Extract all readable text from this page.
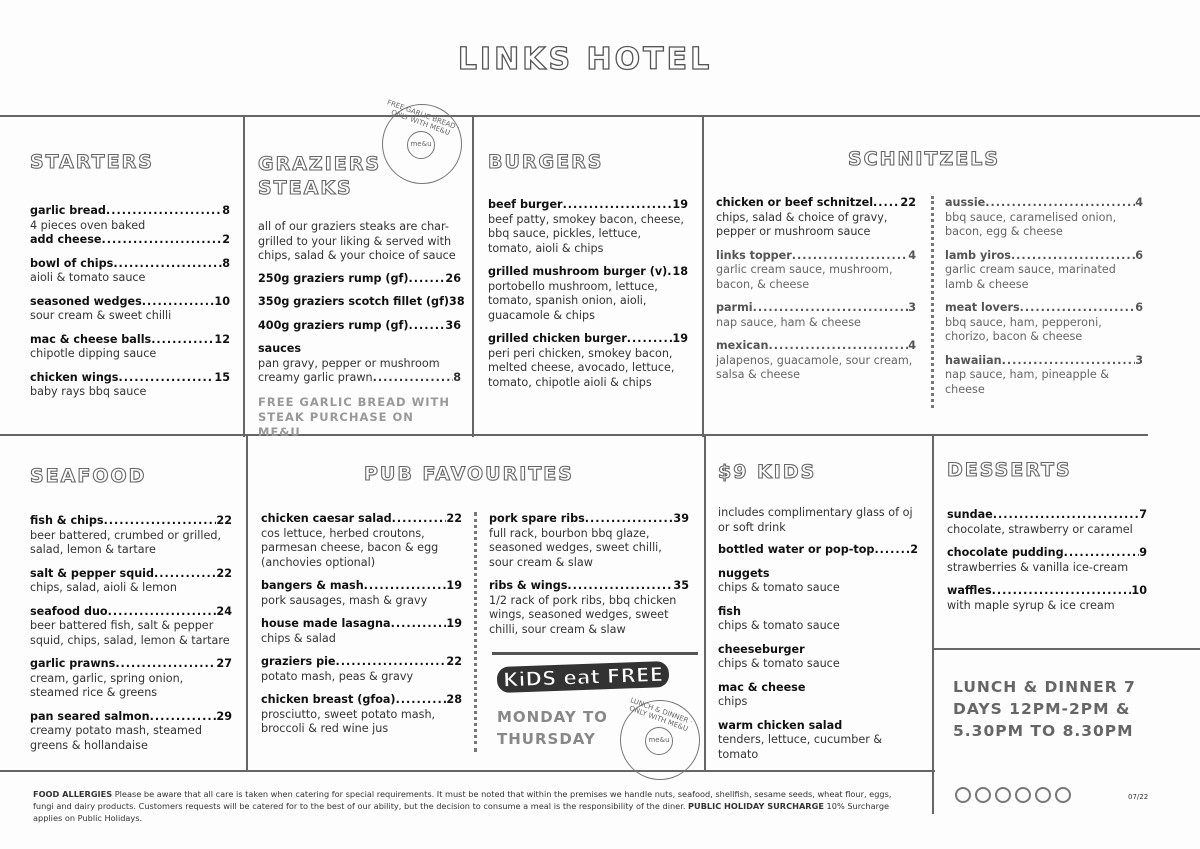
LINKS HOTEL
STARTERS
garlic bread .....	8
4 pieces oven baked
add cheese .....	2
bowl of chips .....	8
aioli & tomato sauce
seasoned wedges .....	10
sour cream & sweet chilli
mac & cheese balls .....	12
chipotle dipping sauce
chicken wings .....	15
baby rays bbq sauce
GRAZIERS
STEAKS
all of our graziers steaks are char-grilled to your liking & served with chips, salad & your choice of sauce
250g graziers rump (gf) .....	26
350g graziers scotch fillet (gf) 38
400g graziers rump (gf) .....	36
sauces
pan gravy, pepper or mushroom
creamy garlic prawn .....	8
FREE GARLIC BREAD WITH STEAK PURCHASE ON ME&U
FREE GARLIC BREAD · ONLY WITH ME&U
me&u
BURGERS
beef burger .....	19
beef patty, smokey bacon, cheese, bbq sauce, pickles, lettuce, tomato, aioli & chips
grilled mushroom burger (v) ..... 18
portobello mushroom, lettuce, tomato, spanish onion, aioli, guacamole & chips
grilled chicken burger .....	19
peri peri chicken, smokey bacon, melted cheese, avocado, lettuce, tomato, chipotle aioli & chips
SCHNITZELS
chicken or beef schnitzel ..... 22
chips, salad & choice of gravy, pepper or mushroom sauce
links topper .....	4
garlic cream sauce, mushroom, bacon, & cheese
parmi .....	3
nap sauce, ham & cheese
mexican .....	4
jalapenos, guacamole, sour cream, salsa & cheese
aussie .....	4
bbq sauce, caramelised onion, bacon, egg & cheese
lamb yiros .....	6
garlic cream sauce, marinated lamb & cheese
meat lovers .....	6
bbq sauce, ham, pepperoni, chorizo, bacon & cheese
hawaiian .....	3
nap sauce, ham, pineapple & cheese
SEAFOOD
fish & chips .....	22
beer battered, crumbed or grilled, salad, lemon & tartare
salt & pepper squid .....	22
chips, salad, aioli & lemon
seafood duo .....	24
beer battered fish, salt & pepper squid, chips, salad, lemon & tartare
garlic prawns .....	27
cream, garlic, spring onion, steamed rice & greens
pan seared salmon .....	29
creamy potato mash, steamed greens & hollandaise
PUB FAVOURITES
chicken caesar salad .....	22
cos lettuce, herbed croutons, parmesan cheese, bacon & egg (anchovies optional)
bangers & mash .....	19
pork sausages, mash & gravy
house made lasagna .....	19
chips & salad
graziers pie .....	22
potato mash, peas & gravy
chicken breast (gfoa) .....	28
prosciutto, sweet potato mash, broccoli & red wine jus
pork spare ribs .....	39
full rack, bourbon bbq glaze, seasoned wedges, sweet chilli, sour cream & slaw
ribs & wings .....	35
1/2 rack of pork ribs, bbq chicken wings, seasoned wedges, sweet chilli, sour cream & slaw
KiDS eat FREE
MONDAY TO THURSDAY
LUNCH & DINNER · ONLY WITH ME&U
me&u
$9 KIDS
includes complimentary glass of oj or soft drink
bottled water or pop-top .....	2
nuggets
chips & tomato sauce
fish
chips & tomato sauce
cheeseburger
chips & tomato sauce
mac & cheese
chips
warm chicken salad
tenders, lettuce, cucumber & tomato
DESSERTS
sundae .....	7
chocolate, strawberry or caramel
chocolate pudding .....	9
strawberries & vanilla ice-cream
waffles .....	10
with maple syrup & ice cream
LUNCH & DINNER 7 DAYS 12PM-2PM & 5.30PM TO 8.30PM
FOOD ALLERGIES Please be aware that all care is taken when catering for special requirements. It must be noted that within the premises we handle nuts, seafood, shellfish, sesame seeds, wheat flour, eggs, fungi and dairy products. Customers requests will be catered for to the best of our ability, but the decision to consume a meal is the responsibility of the diner. PUBLIC HOLIDAY SURCHARGE 10% Surcharge applies on Public Holidays.
07/22
